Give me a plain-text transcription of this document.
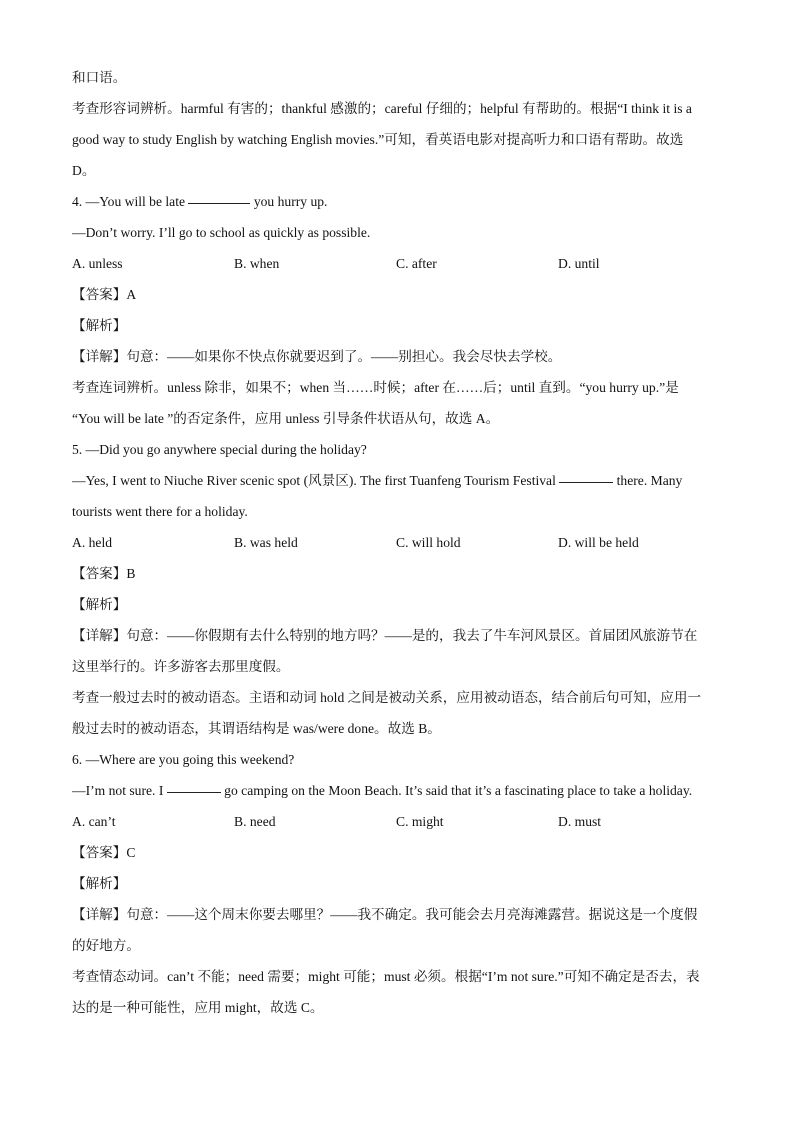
和口语。
考查形容词辨析。harmful 有害的；thankful 感激的；careful 仔细的；helpful 有帮助的。根据“I think it is a
good way to study English by watching English movies.”可知，看英语电影对提高听力和口语有帮助。故选
D。
4. —You will be late	you hurry up.
—Don’t worry. I’ll go to school as quickly as possible.
A. unless	B. when	C. after	D. until
【答案】A
【解析】
【详解】句意：——如果你不快点你就要迟到了。——别担心。我会尽快去学校。
考查连词辨析。unless 除非，如果不；when 当……时候；after 在……后；until 直到。“you hurry up.”是
“You will be late ”的否定条件，应用 unless 引导条件状语从句，故选 A。
5. —Did you go anywhere special during the holiday?
—Yes, I went to Niuche River scenic spot (风景区). The first Tuanfeng Tourism Festival	there. Many
tourists went there for a holiday.
A. held	B. was held	C. will hold	D. will be held
【答案】B
【解析】
【详解】句意：——你假期有去什么特别的地方吗？——是的，我去了牛车河风景区。首届团风旅游节在
这里举行的。许多游客去那里度假。
考查一般过去时的被动语态。主语和动词 hold 之间是被动关系，应用被动语态，结合前后句可知，应用一
般过去时的被动语态，其谓语结构是 was/were done。故选 B。
6. —Where are you going this weekend?
—I’m not sure. I	go camping on the Moon Beach. It’s said that it’s a fascinating place to take a holiday.
A. can’t	B. need	C. might	D. must
【答案】C
【解析】
【详解】句意：——这个周末你要去哪里？——我不确定。我可能会去月亮海滩露营。据说这是一个度假
的好地方。
考查情态动词。can’t 不能；need 需要；might 可能；must 必须。根据“I’m not sure.”可知不确定是否去，表
达的是一种可能性，应用 might，故选 C。
